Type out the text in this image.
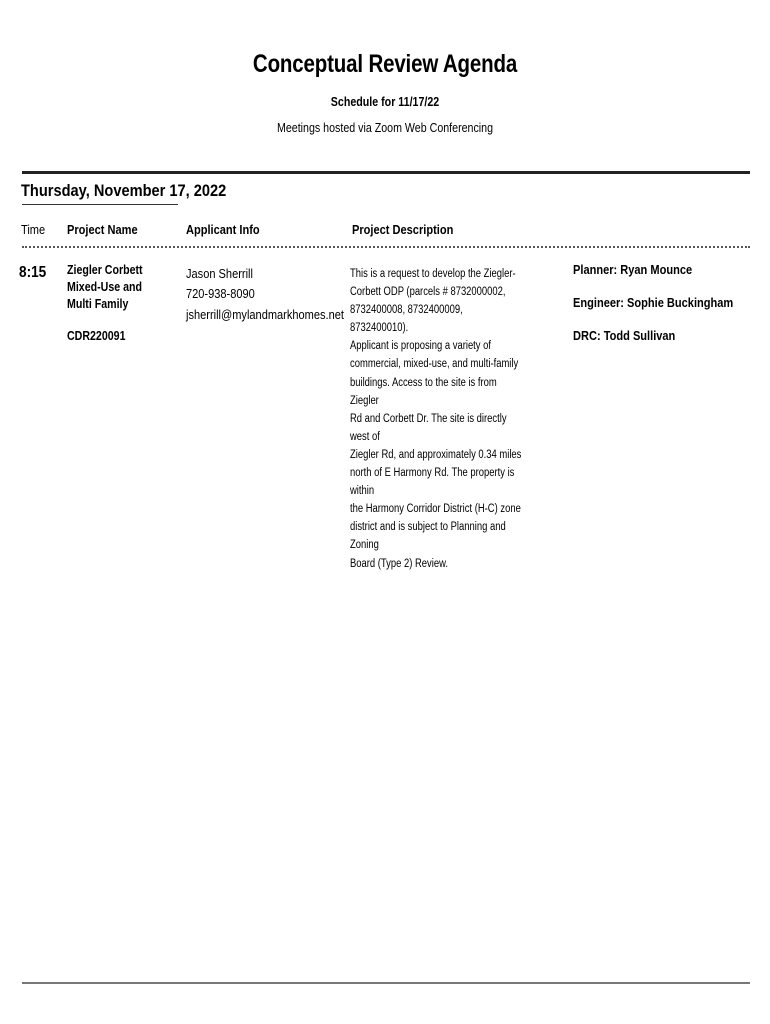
Conceptual Review Agenda
Schedule for 11/17/22
Meetings hosted via Zoom Web Conferencing
Thursday, November 17, 2022
Time Project Name	Applicant Info	Project Description
8:15 Ziegler Corbett
Mixed-Use and
Multi Family
CDR220091
Jason Sherrill
720-938-8090
jsherrill@mylandmarkhomes.net
This is a request to develop the Ziegler-
Corbett ODP (parcels # 8732000002,
8732400008, 8732400009, 8732400010).
Applicant is proposing a variety of
commercial, mixed-use, and multi-family
buildings. Access to the site is from Ziegler
Rd and Corbett Dr. The site is directly west of
Ziegler Rd, and approximately 0.34 miles
north of E Harmony Rd. The property is within
the Harmony Corridor District (H-C) zone
district and is subject to Planning and Zoning
Board (Type 2) Review.
Planner: Ryan Mounce
Engineer: Sophie Buckingham
DRC: Todd Sullivan
